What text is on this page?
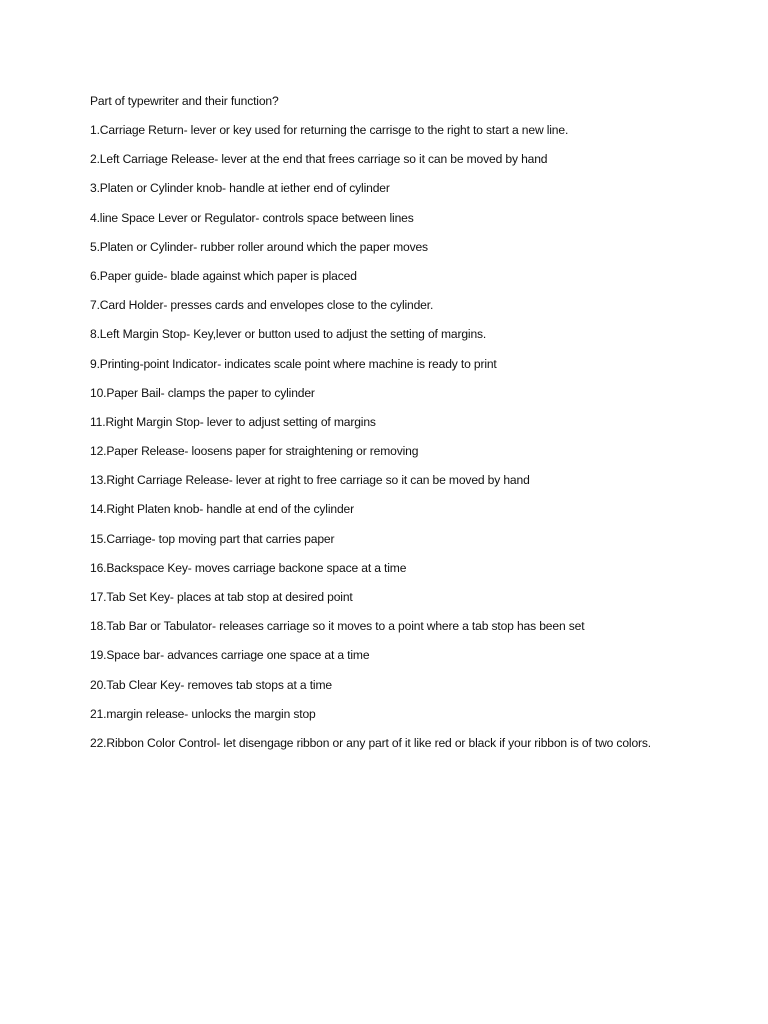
Part of typewriter and their function?

1.Carriage Return- lever or key used for returning the carrisge to the right to start a new line.
2.Left Carriage Release- lever at the end that frees carriage so it can be moved by hand
3.Platen or Cylinder knob- handle at iether end of cylinder
4.line Space Lever or Regulator- controls space between lines
5.Platen or Cylinder- rubber roller around which the paper moves
6.Paper guide- blade against which paper is placed
7.Card Holder- presses cards and envelopes close to the cylinder.
8.Left Margin Stop- Key,lever or button used to adjust the setting of margins.
9.Printing-point Indicator- indicates scale point where machine is ready to print
10.Paper Bail- clamps the paper to cylinder
11.Right Margin Stop- lever to adjust setting of margins
12.Paper Release- loosens paper for straightening or removing
13.Right Carriage Release- lever at right to free carriage so it can be moved by hand
14.Right Platen knob- handle at end of the cylinder
15.Carriage- top moving part that carries paper
16.Backspace Key- moves carriage backone space at a time
17.Tab Set Key- places at tab stop at desired point
18.Tab Bar or Tabulator- releases carriage so it moves to a point where a tab stop has been set
19.Space bar- advances carriage one space at a time
20.Tab Clear Key- removes tab stops at a time
21.margin release- unlocks the margin stop
22.Ribbon Color Control- let disengage ribbon or any part of it like red or black if your ribbon is of two colors.
